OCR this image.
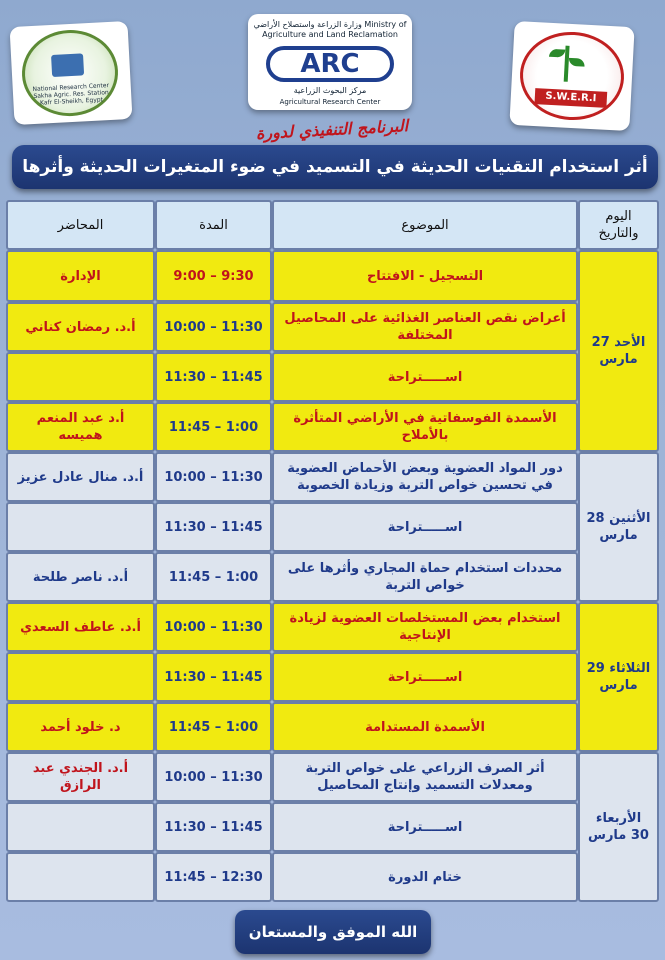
National Research Center Sakha Agric. Res. Station Kafr El-Sheikh, Egypt
وزارة الزراعة واستصلاح الأراضي Ministry of Agriculture and Land Reclamation
ARC
مركز البحوث الزراعية
Agricultural Research Center	S.W.E.R.I
البرنامج التنفيذي لدورة
أثر استخدام التقنيات الحديثة في التسميد في ضوء المتغيرات الحديثة وأثرها
اليوم والتاريخ
الموضوع
المدة
المحاضر
الأحد 27 مارس
الأثنين 28 مارس
الثلاثاء 29 مارس
الأربعاء 30 مارس
التسجيل - الافتتاح
9:00 – 9:30
الإدارة
أعراض نقص العناصر الغذائية على المحاصيل المختلفة
10:00 – 11:30
أ.د. رمضان كناني
اســـــتراحة
11:30 – 11:45
الأسمدة الفوسفاتية في الأراضي المتأثرة بالأملاح
11:45 – 1:00
أ.د عبد المنعم هميسه
دور المواد العضوية وبعض الأحماض العضوية في تحسين خواص التربة وزيادة الخصوبة
10:00 – 11:30
أ.د. منال عادل عزيز
اســـــتراحة
11:30 – 11:45
محددات استخدام حماة المجاري وأثرها على خواص التربة
11:45 – 1:00
أ.د. ناصر طلحة
استخدام بعض المستخلصات العضوية لزيادة الإنتاجية
10:00 – 11:30
أ.د. عاطف السعدي
اســـــتراحة
11:30 – 11:45
الأسمدة المستدامة
11:45 – 1:00
د. خلود أحمد
أثر الصرف الزراعي على خواص التربة ومعدلات التسميد وإنتاج المحاصيل
10:00 – 11:30
أ.د. الجندي عبد الرازق
اســـــتراحة
11:30 – 11:45
ختام الدورة
11:45 – 12:30
الله الموفق والمستعان
